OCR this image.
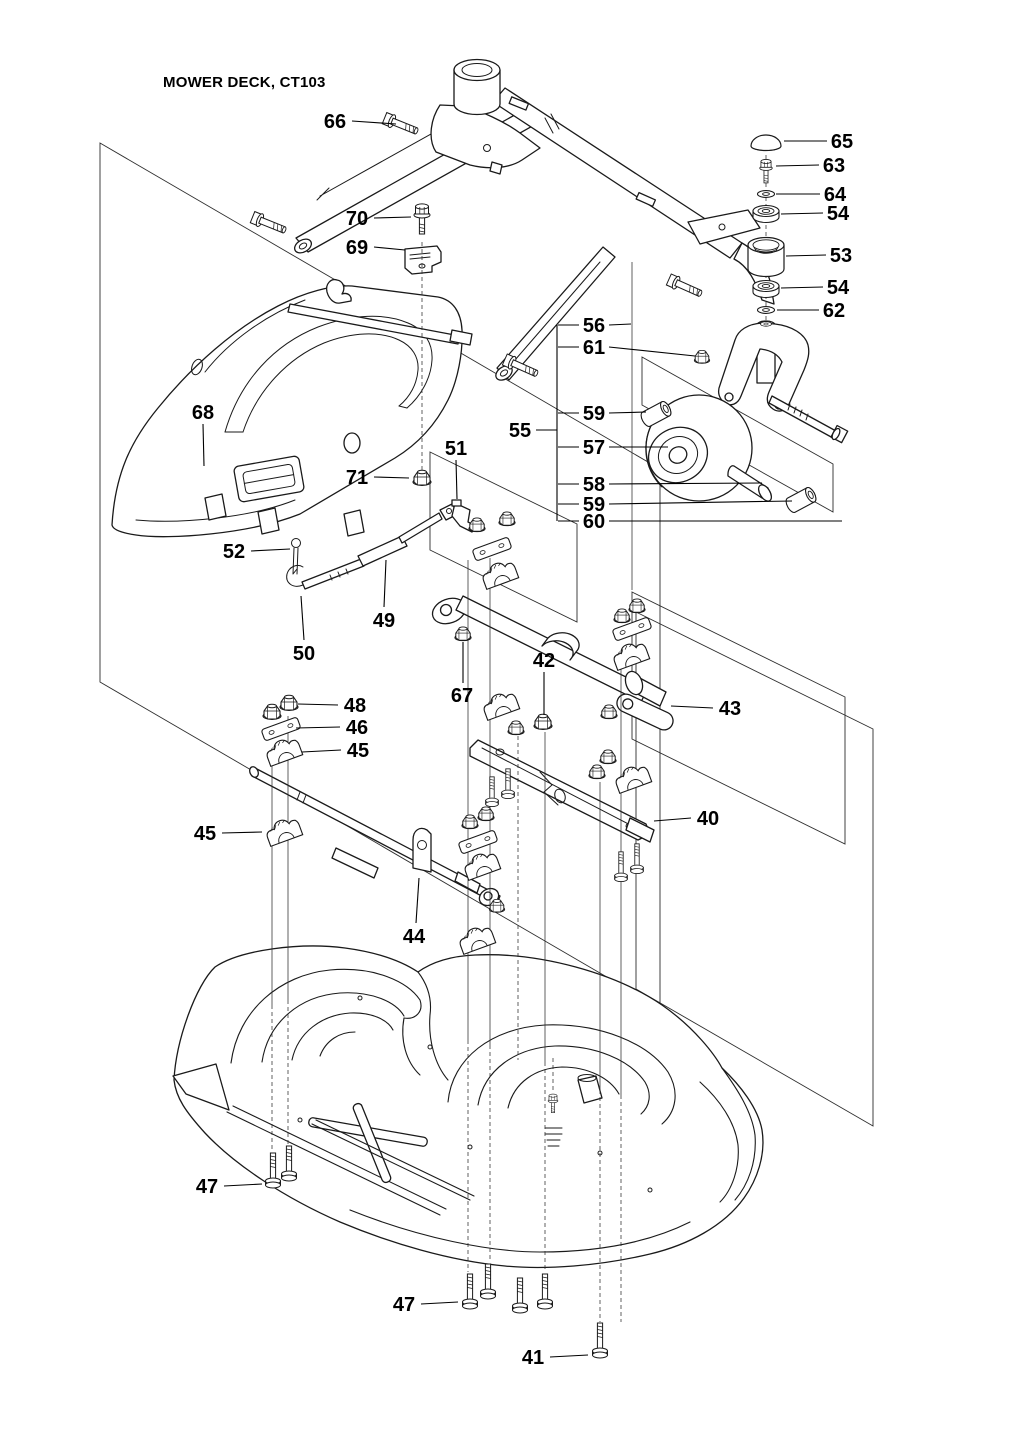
66
70
69
65
63
64
54
53
54
62
56
61
59
57
58
59
60
55
68
71
51
52
49
50
67
42
48
46
45
43
45
40
44
47
47
41
MOWER DECK, CT103
